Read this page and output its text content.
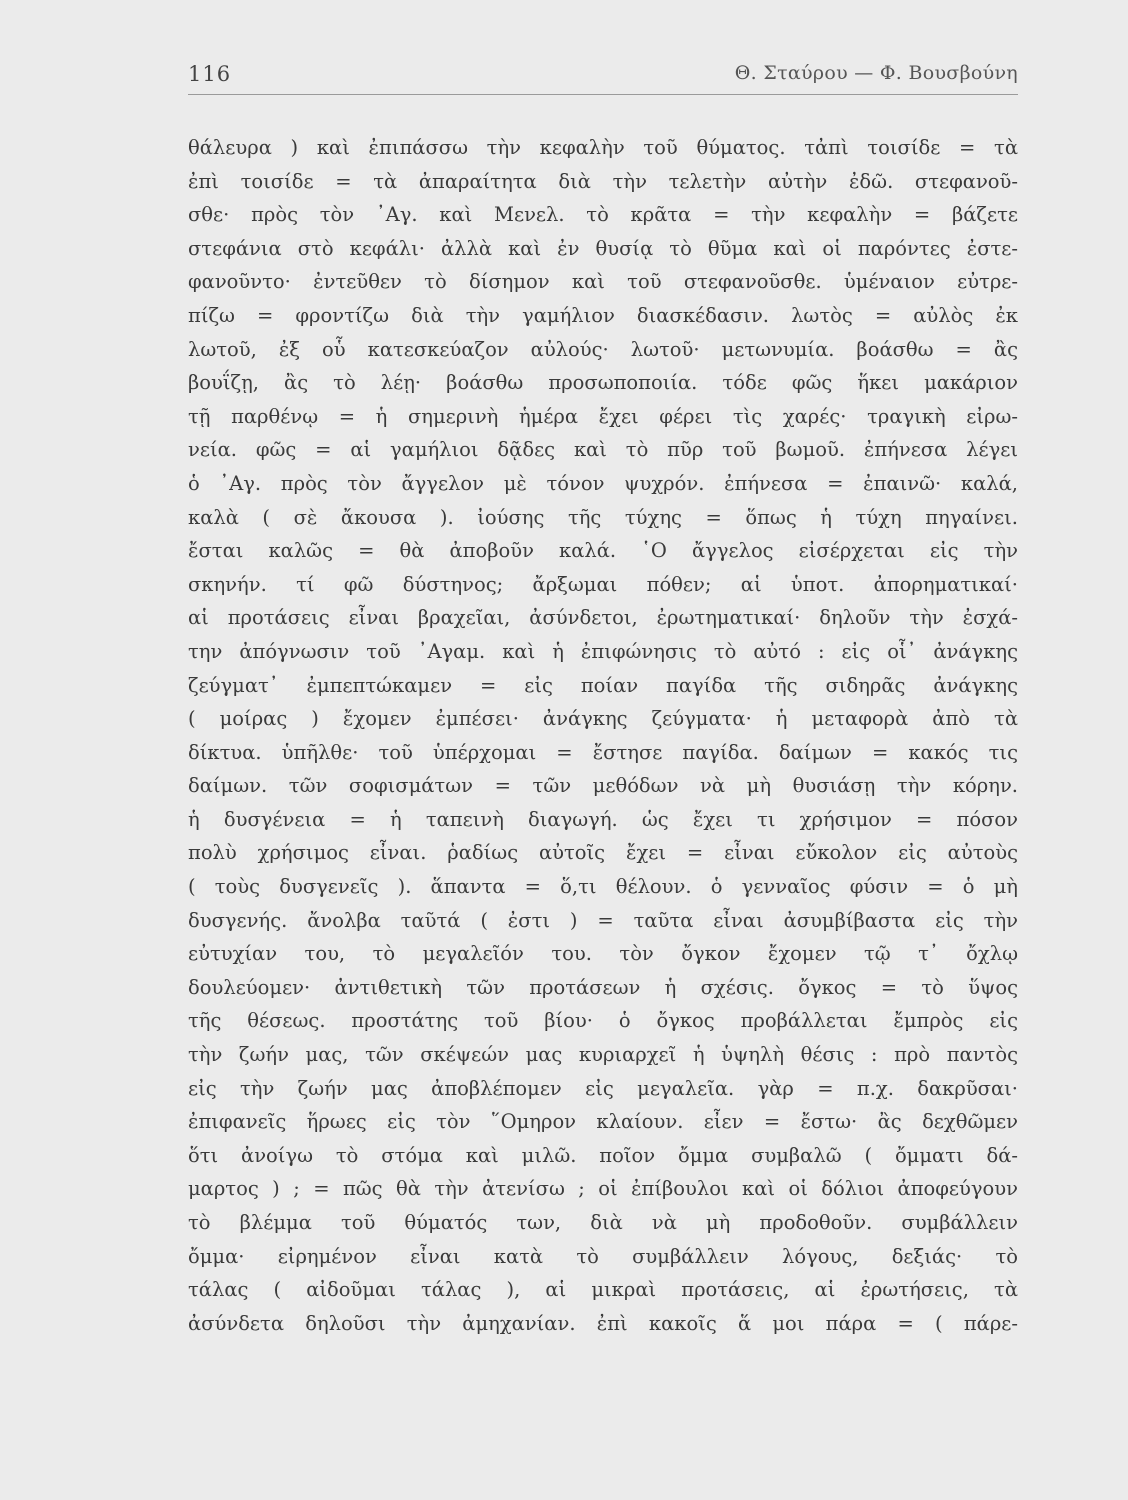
116	Θ. Σταύρου — Φ. Βουσβούνη
θάλευρα ) καὶ ἐπιπάσσω τὴν κεφαλὴν τοῦ θύματος. τἀπὶ τοισίδε = τὰ
ἐπὶ τοισίδε = τὰ ἀπαραίτητα διὰ τὴν τελετὴν αὐτὴν ἐδῶ. στεφανοῦ-
σθε· πρὸς τὸν ᾿Αγ. καὶ Μενελ. τὸ κρᾶτα = τὴν κεφαλὴν = βάζετε
στεφάνια στὸ κεφάλι· ἀλλὰ καὶ ἐν θυσίᾳ τὸ θῦμα καὶ οἱ παρόντες ἐστε-
φανοῦντο· ἐντεῦθεν τὸ δίσημον καὶ τοῦ στεφανοῦσθε. ὑμέναιον εὐτρε-
πίζω = φροντίζω διὰ τὴν γαμήλιον διασκέδασιν. λωτὸς = αὐλὸς ἐκ
λωτοῦ, ἐξ οὗ κατεσκεύαζον αὐλούς· λωτοῦ· μετωνυμία. βοάσθω = ἂς
βουΐζῃ, ἂς τὸ λέῃ· βοάσθω προσωποποιία. τόδε φῶς ἥκει μακάριον
τῇ παρθένῳ = ἡ σημερινὴ ἡμέρα ἔχει φέρει τὶς χαρές· τραγικὴ εἰρω-
νεία. φῶς = αἱ γαμήλιοι δᾷδες καὶ τὸ πῦρ τοῦ βωμοῦ. ἐπήνεσα λέγει
ὁ ᾿Αγ. πρὸς τὸν ἄγγελον μὲ τόνον ψυχρόν. ἐπήνεσα = ἐπαινῶ· καλά,
καλὰ ( σὲ ἄκουσα ). ἰούσης τῆς τύχης = ὅπως ἡ τύχη πηγαίνει.
ἔσται καλῶς = θὰ ἀποβοῦν καλά. ῾Ο ἄγγελος εἰσέρχεται εἰς τὴν
σκηνήν. τί φῶ δύστηνος; ἄρξωμαι πόθεν; αἱ ὑποτ. ἀπορηματικαί·
αἱ προτάσεις εἶναι βραχεῖαι, ἀσύνδετοι, ἐρωτηματικαί· δηλοῦν τὴν ἐσχά-
την ἀπόγνωσιν τοῦ ᾿Αγαμ. καὶ ἡ ἐπιφώνησις τὸ αὐτό : εἰς οἷ᾿ ἀνάγκης
ζεύγματ᾿ ἐμπεπτώκαμεν = εἰς ποίαν παγίδα τῆς σιδηρᾶς ἀνάγκης
( μοίρας ) ἔχομεν ἐμπέσει· ἀνάγκης ζεύγματα· ἡ μεταφορὰ ἀπὸ τὰ
δίκτυα. ὑπῆλθε· τοῦ ὑπέρχομαι = ἔστησε παγίδα. δαίμων = κακός τις
δαίμων. τῶν σοφισμάτων = τῶν μεθόδων νὰ μὴ θυσιάσῃ τὴν κόρην.
ἡ δυσγένεια = ἡ ταπεινὴ διαγωγή. ὡς ἔχει τι χρήσιμον = πόσον
πολὺ χρήσιμος εἶναι. ῥαδίως αὐτοῖς ἔχει = εἶναι εὔκολον εἰς αὐτοὺς
( τοὺς δυσγενεῖς ). ἅπαντα = ὅ,τι θέλουν. ὁ γενναῖος φύσιν = ὁ μὴ
δυσγενής. ἄνολβα ταῦτά ( ἐστι ) = ταῦτα εἶναι ἀσυμβίβαστα εἰς τὴν
εὐτυχίαν του, τὸ μεγαλεῖόν του. τὸν ὄγκον ἔχομεν τῷ τ᾿ ὄχλῳ
δουλεύομεν· ἀντιθετικὴ τῶν προτάσεων ἡ σχέσις. ὄγκος = τὸ ὕψος
τῆς θέσεως. προστάτης τοῦ βίου· ὁ ὄγκος προβάλλεται ἔμπρὸς εἰς
τὴν ζωήν μας, τῶν σκέψεών μας κυριαρχεῖ ἡ ὑψηλὴ θέσις : πρὸ παντὸς
εἰς τὴν ζωήν μας ἀποβλέπομεν εἰς μεγαλεῖα. γὰρ = π.χ. δακρῦσαι·
ἐπιφανεῖς ἥρωες εἰς τὸν ῞Ομηρον κλαίουν. εἶεν = ἔστω· ἂς δεχθῶμεν
ὅτι ἀνοίγω τὸ στόμα καὶ μιλῶ. ποῖον ὄμμα συμβαλῶ ( ὄμματι δά-
μαρτος ) ; = πῶς θὰ τὴν ἀτενίσω ; οἱ ἐπίβουλοι καὶ οἱ δόλιοι ἀποφεύγουν
τὸ βλέμμα τοῦ θύματός των, διὰ νὰ μὴ προδοθοῦν. συμβάλλειν
ὄμμα· εἰρημένον εἶναι κατὰ τὸ συμβάλλειν λόγους, δεξιάς· τὸ
τάλας ( αἰδοῦμαι τάλας ), αἱ μικραὶ προτάσεις, αἱ ἐρωτήσεις, τὰ
ἀσύνδετα δηλοῦσι τὴν ἀμηχανίαν. ἐπὶ κακοῖς ἅ μοι πάρα = ( πάρε-
